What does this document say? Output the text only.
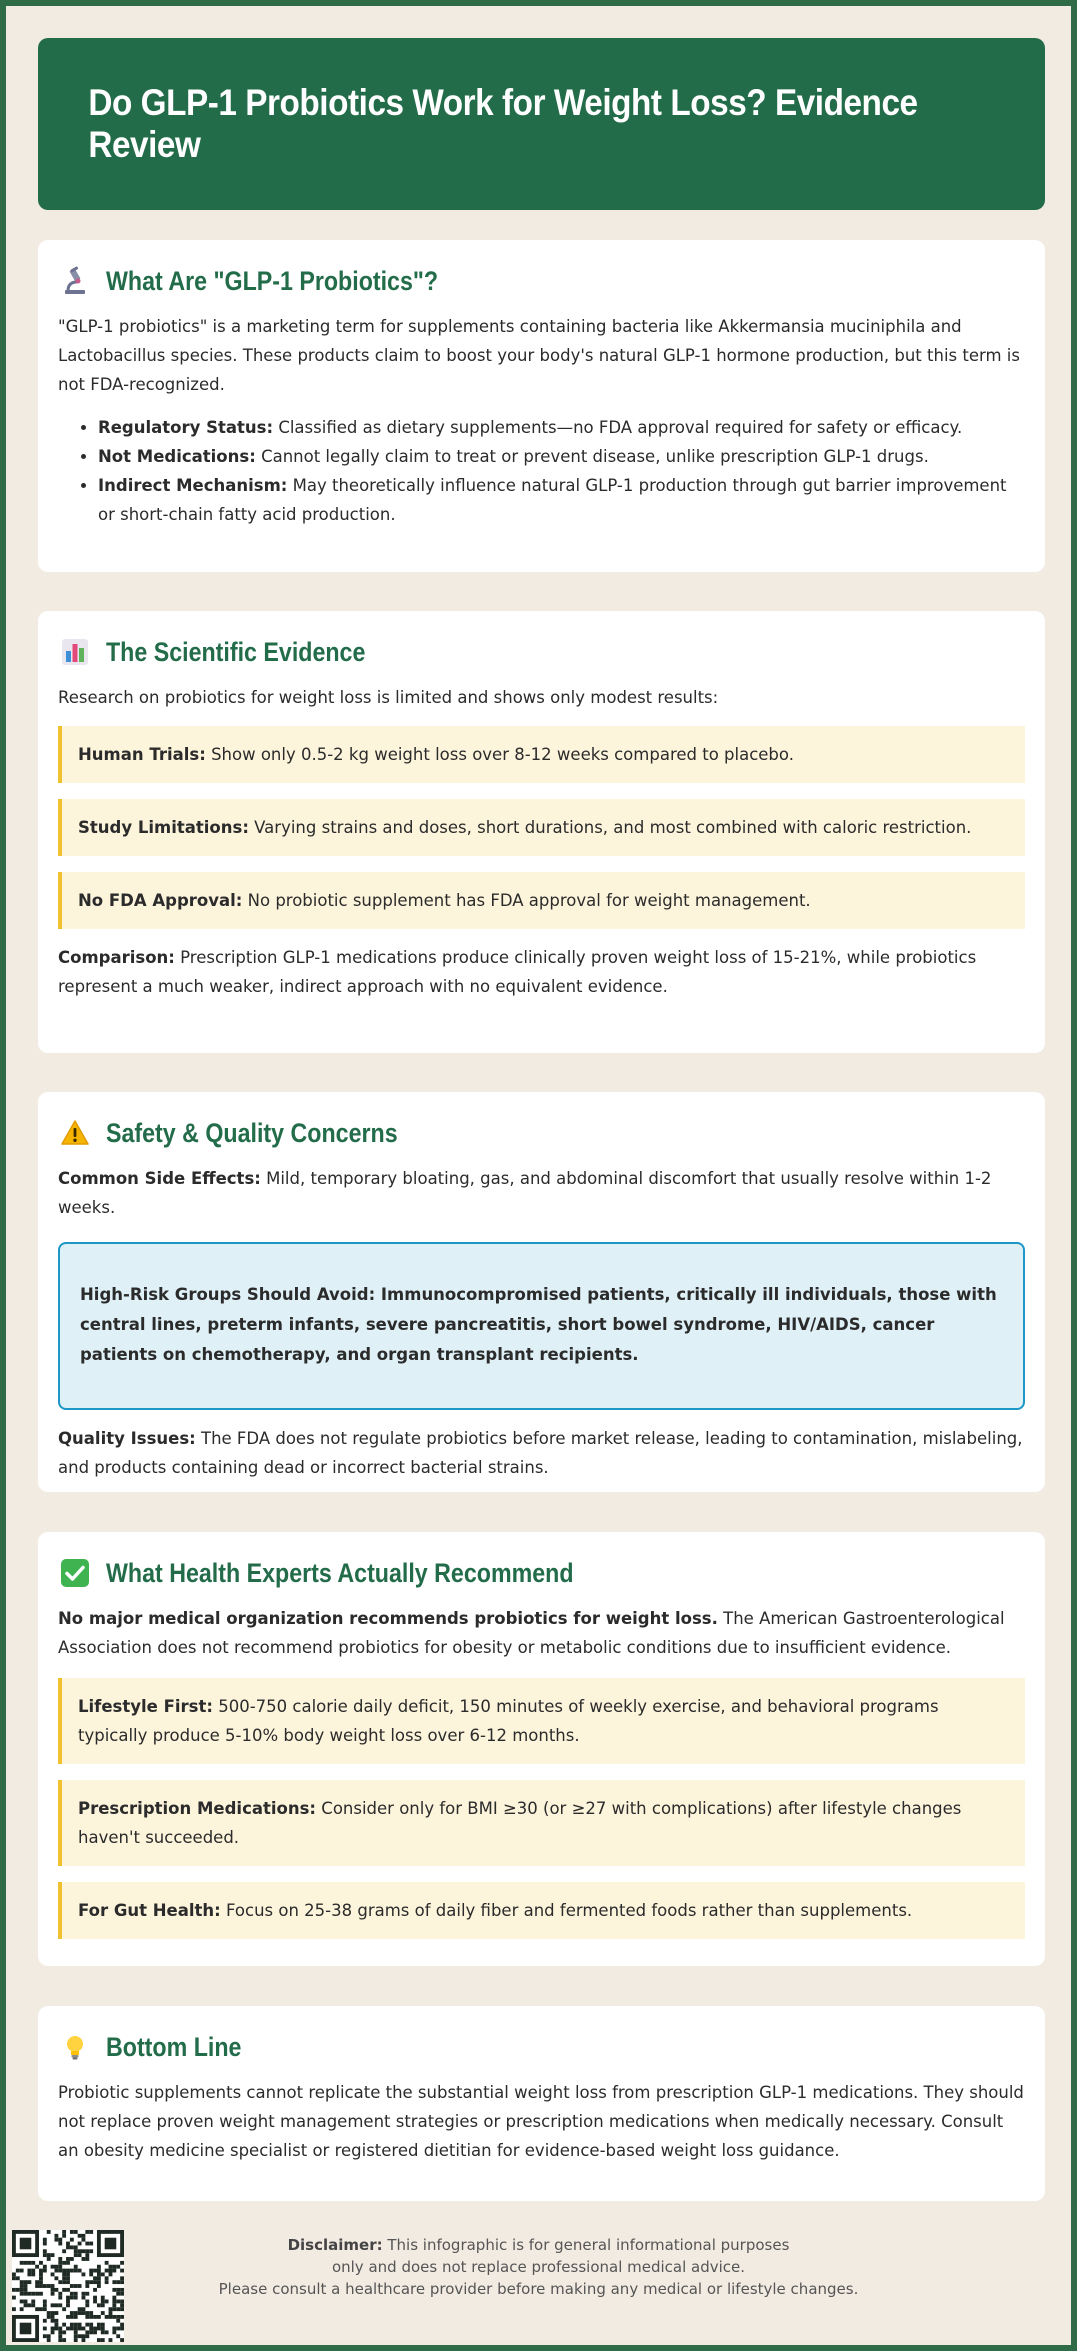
Do GLP-1 Probiotics Work for Weight Loss? Evidence Review
What Are "GLP-1 Probiotics"?

"GLP-1 probiotics" is a marketing term for supplements containing bacteria like Akkermansia muciniphila and Lactobacillus species. These products claim to boost your body's natural GLP-1 hormone production, but this term is not FDA-recognized.

• Regulatory Status: Classified as dietary supplements—no FDA approval required for safety or efficacy.
• Not Medications: Cannot legally claim to treat or prevent disease, unlike prescription GLP-1 drugs.
• Indirect Mechanism: May theoretically influence natural GLP-1 production through gut barrier improvement or short-chain fatty acid production.
The Scientific Evidence

Research on probiotics for weight loss is limited and shows only modest results:

Human Trials: Show only 0.5-2 kg weight loss over 8-12 weeks compared to placebo.
Study Limitations: Varying strains and doses, short durations, and most combined with caloric restriction.
No FDA Approval: No probiotic supplement has FDA approval for weight management.

Comparison: Prescription GLP-1 medications produce clinically proven weight loss of 15-21%, while probiotics represent a much weaker, indirect approach with no equivalent evidence.

Safety & Quality Concerns

Common Side Effects: Mild, temporary bloating, gas, and abdominal discomfort that usually resolve within 1-2 weeks.

High-Risk Groups Should Avoid: Immunocompromised patients, critically ill individuals, those with central lines, preterm infants, severe pancreatitis, short bowel syndrome, HIV/AIDS, cancer patients on chemotherapy, and organ transplant recipients.

Quality Issues: The FDA does not regulate probiotics before market release, leading to contamination, mislabeling, and products containing dead or incorrect bacterial strains.

What Health Experts Actually Recommend

No major medical organization recommends probiotics for weight loss. The American Gastroenterological Association does not recommend probiotics for obesity or metabolic conditions due to insufficient evidence.

Lifestyle First: 500-750 calorie daily deficit, 150 minutes of weekly exercise, and behavioral programs typically produce 5-10% body weight loss over 6-12 months.
Prescription Medications: Consider only for BMI ≥30 (or ≥27 with complications) after lifestyle changes haven't succeeded.
For Gut Health: Focus on 25-38 grams of daily fiber and fermented foods rather than supplements.
Bottom Line

Probiotic supplements cannot replicate the substantial weight loss from prescription GLP-1 medications. They should not replace proven weight management strategies or prescription medications when medically necessary. Consult an obesity medicine specialist or registered dietitian for evidence-based weight loss guidance.

Disclaimer: This infographic is for general informational purposes
only and does not replace professional medical advice.
Please consult a healthcare provider before making any medical or lifestyle changes.
